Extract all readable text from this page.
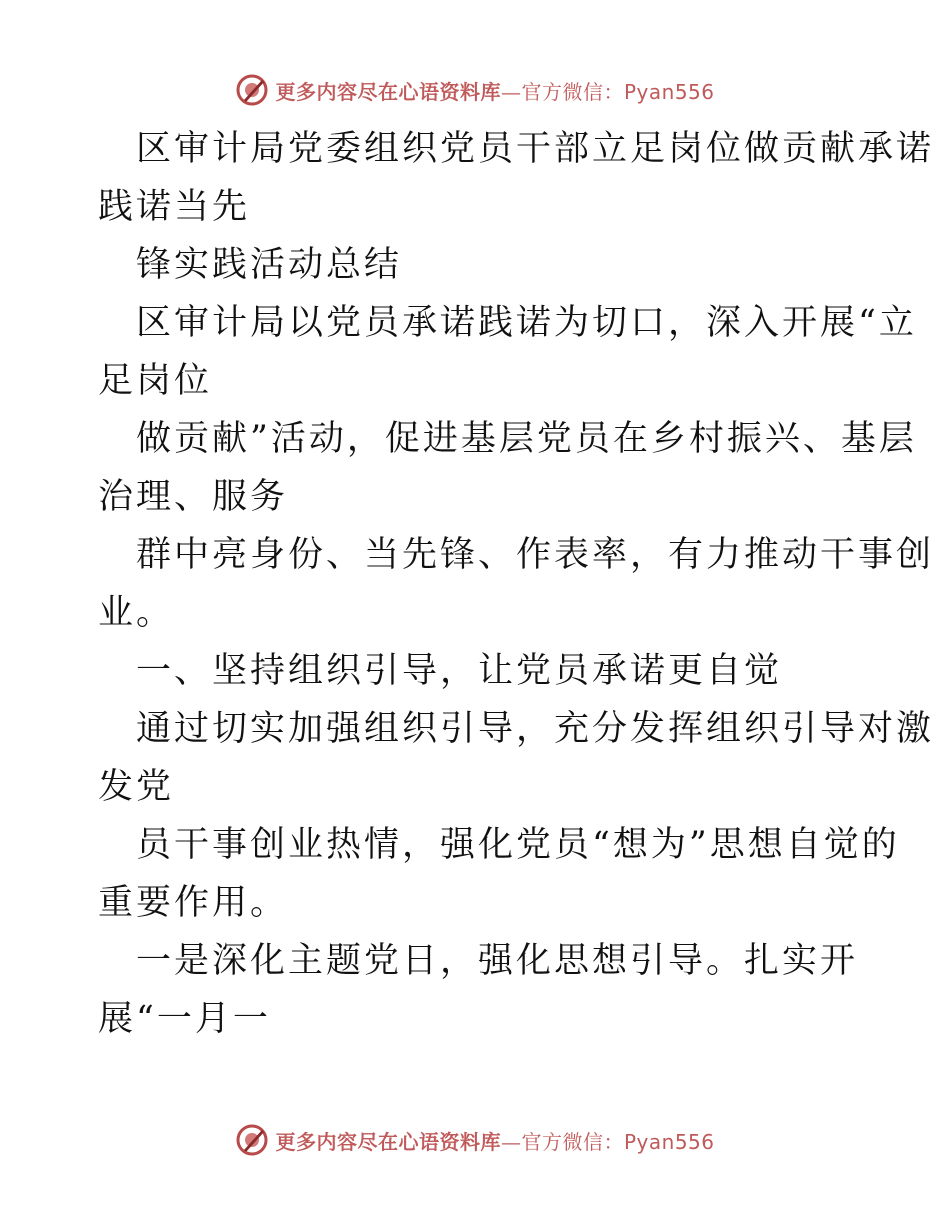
更多内容尽在心语资料库 —官方微信：Pyan556

区审计局党委组织党员干部立足岗位做贡献承诺

践诺当先

锋实践活动总结

区审计局以党员承诺践诺为切口，深入开展“立

足岗位

做贡献”活动，促进基层党员在乡村振兴、基层

治理、服务

群中亮身份、当先锋、作表率，有力推动干事创

业。

一、坚持组织引导，让党员承诺更自觉

通过切实加强组织引导，充分发挥组织引导对激

发党

员干事创业热情，强化党员“想为”思想自觉的

重要作用。

一是深化主题党日，强化思想引导。扎实开

展“一月一

更多内容尽在心语资料库 —官方微信：Pyan556
